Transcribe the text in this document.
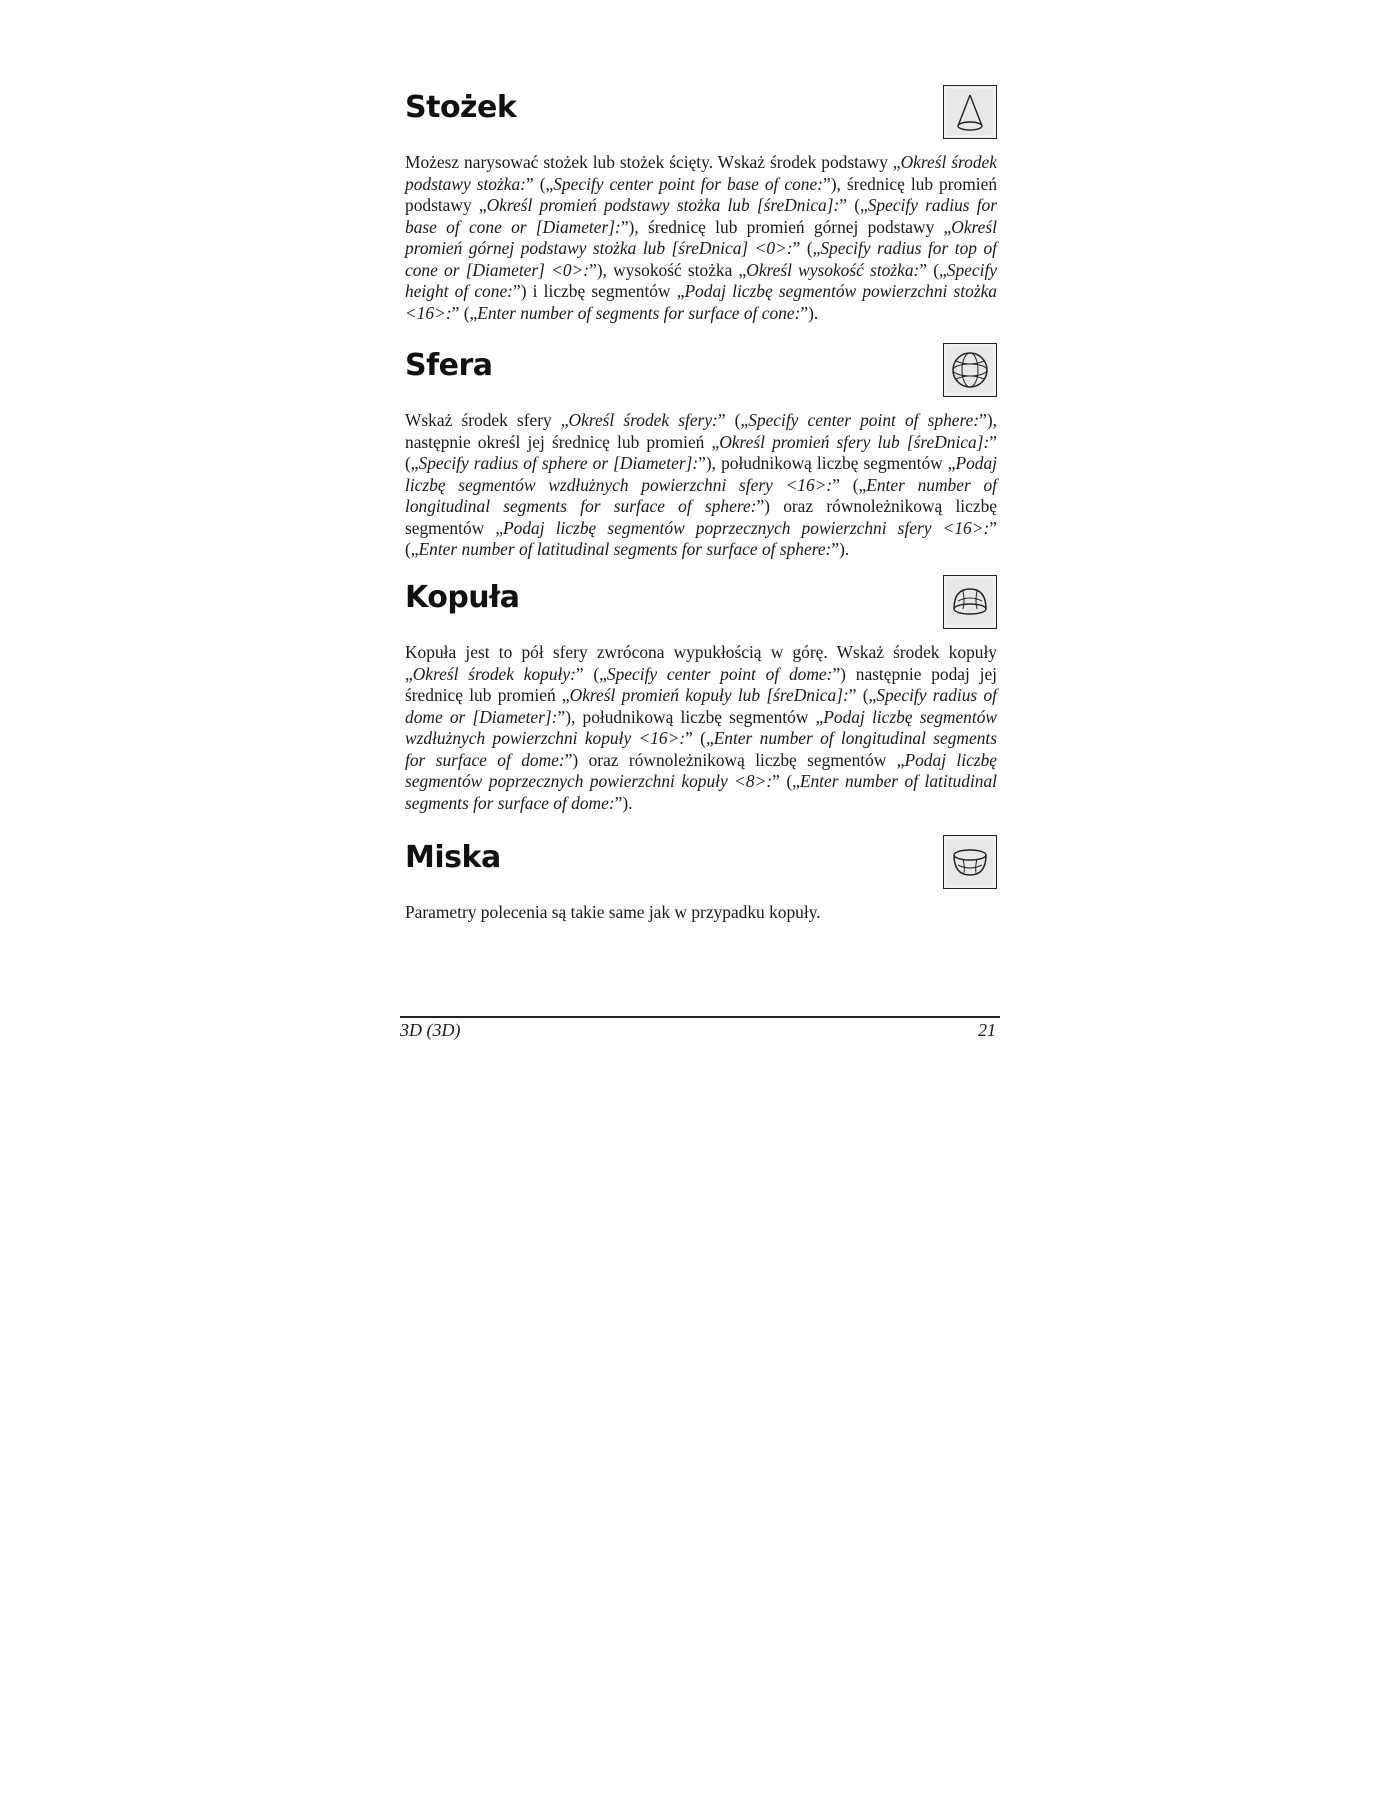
Stożek
Możesz narysować stożek lub stożek ścięty. Wskaż środek podstawy „Określ środek podstawy stożka:” („Specify center point for base of cone:”), średnicę lub promień podstawy „Określ promień podstawy stożka lub [śreDnica]:” („Specify radius for base of cone or [Diameter]:”), średnicę lub promień górnej podstawy „Określ promień górnej podstawy stożka lub [śreDnica] <0>:” („Specify radius for top of cone or [Diameter] <0>:”), wysokość stożka „Określ wysokość stożka:” („Specify height of cone:”) i liczbę segmentów „Podaj liczbę segmentów powierzchni stożka <16>:” („Enter number of segments for surface of cone:”).
Sfera
Wskaż środek sfery „Określ środek sfery:” („Specify center point of sphere:”), następnie określ jej średnicę lub promień „Określ promień sfery lub [śreDnica]:” („Specify radius of sphere or [Diameter]:”), południkową liczbę segmentów „Podaj liczbę segmentów wzdłużnych powierzchni sfery <16>:” („Enter number of longitudinal segments for surface of sphere:”) oraz równoleżnikową liczbę segmentów „Podaj liczbę segmentów poprzecznych powierzchni sfery <16>:” („Enter number of latitudinal segments for surface of sphere:”).
Kopuła
Kopuła jest to pół sfery zwrócona wypukłością w górę. Wskaż środek kopuły „Określ środek kopuły:” („Specify center point of dome:”) następnie podaj jej średnicę lub promień „Określ promień kopuły lub [śreDnica]:” („Specify radius of dome or [Diameter]:”), południkową liczbę segmentów „Podaj liczbę segmentów wzdłużnych powierzchni kopuły <16>:” („Enter number of longitudinal segments for surface of dome:”) oraz równoleżnikową liczbę segmentów „Podaj liczbę segmentów poprzecznych powierzchni kopuły <8>:” („Enter number of latitudinal segments for surface of dome:”).
Miska
Parametry polecenia są takie same jak w przypadku kopuły.
3D (3D)	21
